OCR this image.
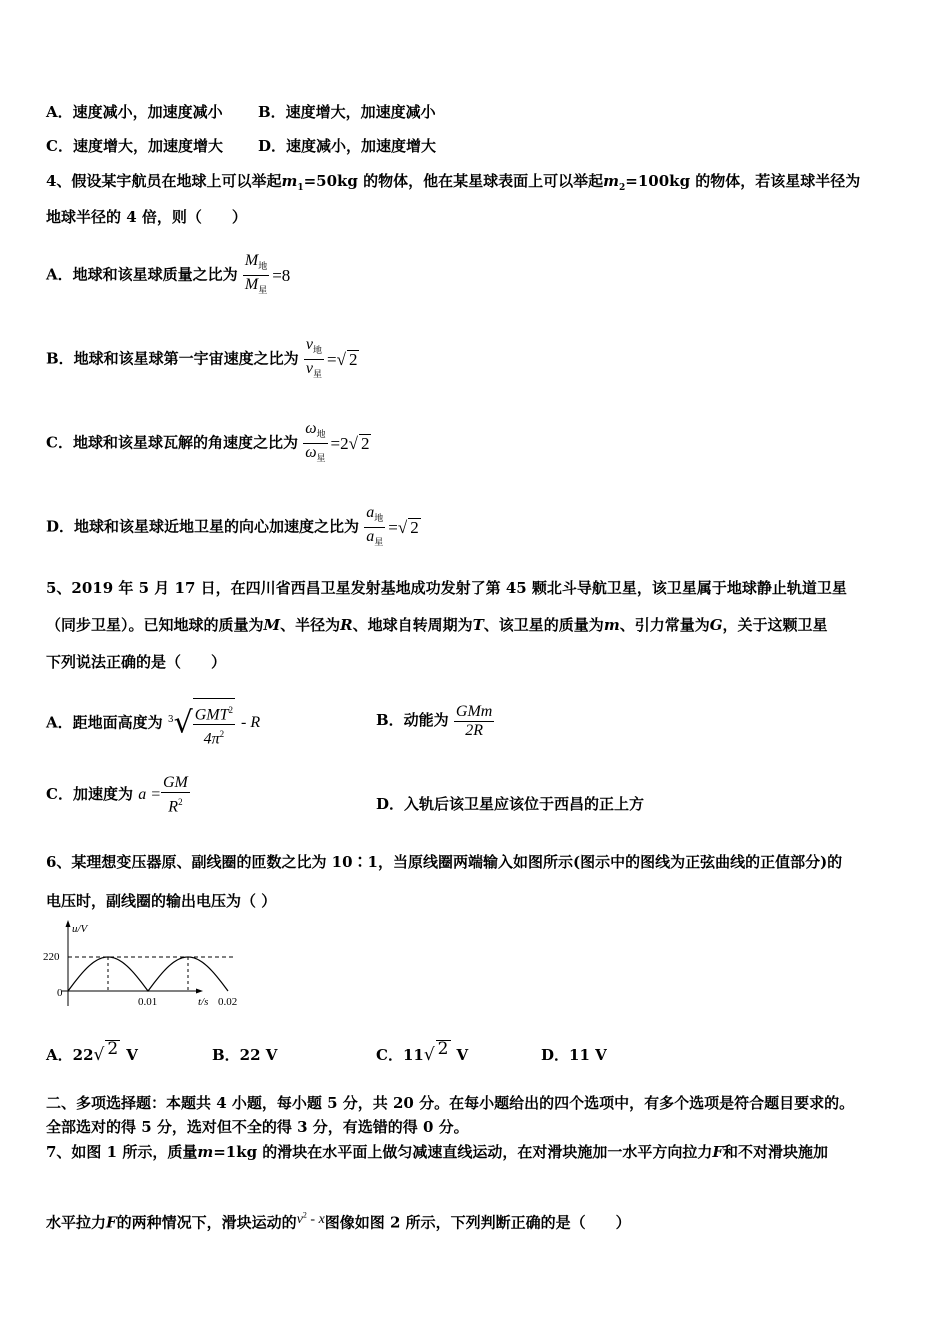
A．速度减小，加速度减小 B．速度增大，加速度减小
C．速度增大，加速度增大 D．速度减小，加速度增大
4、假设某宇航员在地球上可以举起$m_1=50kg$ 的物体，他在某星球表面上可以举起$m_2=100kg$ 的物体，若该星球半径为
地球半径的 4 倍，则（　　）
A．地球和该星球质量之比为 $\frac{M_地}{M_星} =8$
B．地球和该星球第一宇宙速度之比为 $\frac{v_地}{v_星}$ =√ 2
C．地球和该星球瓦解的角速度之比为 $\frac{\omega_地}{\omega_星} =2√$ 2
D．地球和该星球近地卫星的向心加速度之比为 $\frac{a_地}{a_星}$ =√ 2
5、2019 年 5 月 17 日，在四川省西昌卫星发射基地成功发射了第 45 颗北斗导航卫星，该卫星属于地球静止轨道卫星
（同步卫星）。已知地球的质量为M、半径为R、地球自转周期为T、该卫星的质量为m、引力常量为G，关于这颗卫星
下列说法正确的是（　　）
A．距地面高度为 $^3√ \frac{GMT^2}{4\pi^2}$ - R	B．动能为 $\frac{\text{GMm}}{2R}$
C．加速度为 $a = \frac{GM}{R^2}$	D．入轨后该卫星应该位于西昌的正上方
6、某理想变压器原、副线圈的匝数之比为 10∶1，当原线圈两端输入如图所示(图示中的图线为正弦曲线的正值部分)的
电压时，副线圈的输出电压为（ ）
u/V
t/s
220
0
0.01	0.02
A．22√ 2 V	B．22 V	C．11√ 2 V	D．11 V
二、多项选择题：本题共 4 小题，每小题 5 分，共 20 分。在每小题给出的四个选项中，有多个选项是符合题目要求的。
全部选对的得 5 分，选对但不全的得 3 分，有选错的得 0 分。
7、如图 1 所示，质量m=1kg 的滑块在水平面上做匀减速直线运动，在对滑块施加一水平方向拉力F和不对滑块施加
水平拉力F的两种情况下，滑块运动的$v^2$ - x图像如图 2 所示，下列判断正确的是（　　）
